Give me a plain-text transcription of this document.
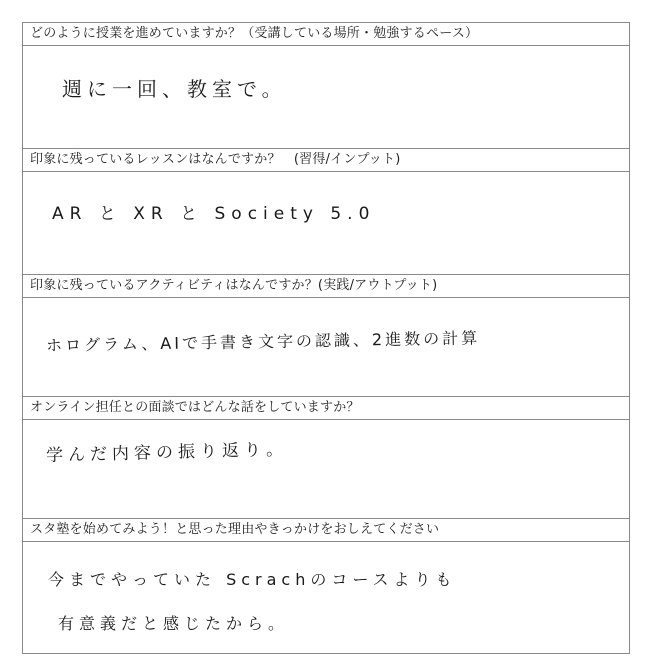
どのように授業を進めていますか？（受講している場所・勉強するペース）
週に一回、教室で。
印象に残っているレッスンはなんですか？　(習得/インプット)
AR と XR と Society 5.0
印象に残っているアクティビティはなんですか？(実践/アウトプット)
ホログラム、AIで手書き文字の認識、2進数の計算
オンライン担任との面談ではどんな話をしていますか？
学んだ内容の振り返り。
スタ塾を始めてみよう！と思った理由やきっかけをおしえてください
今までやっていた Scrachのコースよりも
有意義だと感じたから。
